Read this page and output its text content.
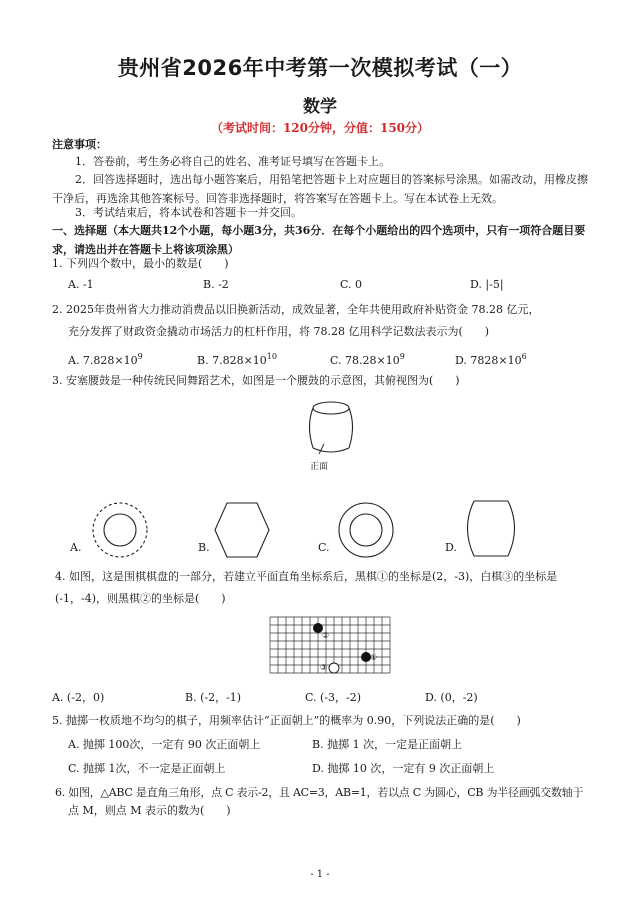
贵州省2026年中考第一次模拟考试（一）
数学
（考试时间：120分钟，分值：150分）
注意事项：
1．答卷前，考生务必将自己的姓名、准考证号填写在答题卡上。
2．回答选择题时，选出每小题答案后，用铅笔把答题卡上对应题目的答案标号涂黑。如需改动，用橡皮擦干净后，再选涂其他答案标号。回答非选择题时，将答案写在答题卡上。写在本试卷上无效。
3．考试结束后，将本试卷和答题卡一并交回。
一、选择题（本大题共12个小题，每小题3分，共36分．在每个小题给出的四个选项中，只有一项符合题目要求，请选出并在答题卡上将该项涂黑）
1. 下列四个数中，最小的数是(　　)
A. -1	B. -2	C. 0	D. |-5|
2. 2025年贵州省大力推动消费品以旧换新活动，成效显著，全年共使用政府补贴资金 78.28 亿元，
充分发挥了财政资金撬动市场活力的杠杆作用，将 78.28 亿用科学记数法表示为(　　)
A. $7.828\times 10^9$	B. $7.828\times 10^{10}$	C. $78.28\times 10^9$	D. $7828\times 10^6$
3. 安塞腰鼓是一种传统民间舞蹈艺术，如图是一个腰鼓的示意图，其俯视图为(　　)
正面
A.	B.	C.	D.
4. 如图，这是围棋棋盘的一部分，若建立平面直角坐标系后，黑棋①的坐标是(2，-3)，白棋③的坐标是
(-1，-4)，则黑棋②的坐标是(　　)
②
①
③
A. (-2，0)	B. (-2，-1)	C. (-3，-2)	D. (0，-2)
5. 抛掷一枚质地不均匀的棋子，用频率估计“正面朝上”的概率为 0.90，下列说法正确的是(　　)
A. 抛掷 100次，一定有 90 次正面朝上	B. 抛掷 1 次，一定是正面朝上
C. 抛掷 1次，不一定是正面朝上	D. 抛掷 10 次，一定有 9 次正面朝上
6. 如图，△ABC 是直角三角形，点 C 表示-2，且 AC=3，AB=1，若以点 C 为圆心，CB 为半径画弧交数轴于
点 M，则点 M 表示的数为(　　)
- 1 -
